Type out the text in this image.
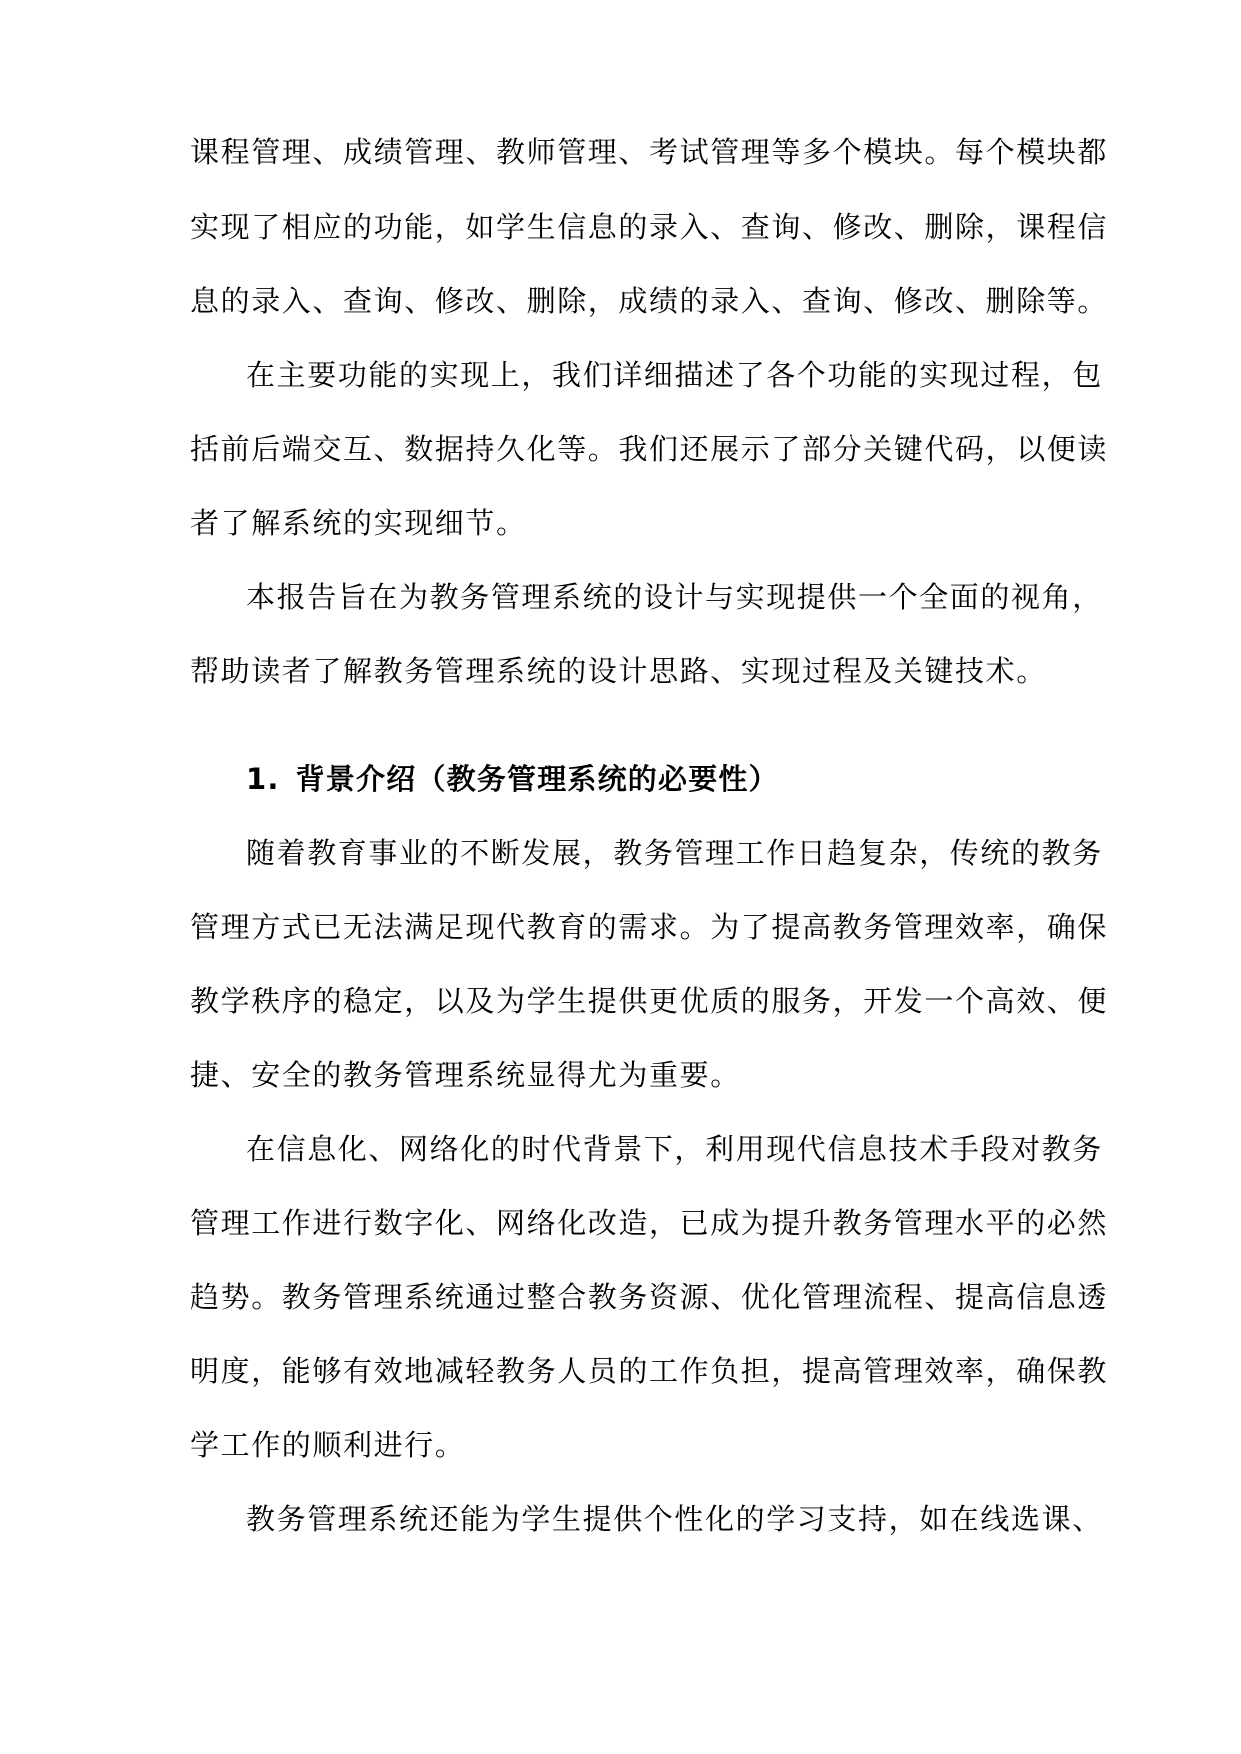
课程管理、成绩管理、教师管理、考试管理等多个模块。每个模块都
实现了相应的功能，如学生信息的录入、查询、修改、删除，课程信
息的录入、查询、修改、删除，成绩的录入、查询、修改、删除等。
在主要功能的实现上，我们详细描述了各个功能的实现过程，包
括前后端交互、数据持久化等。我们还展示了部分关键代码，以便读
者了解系统的实现细节。
本报告旨在为教务管理系统的设计与实现提供一个全面的视角，
帮助读者了解教务管理系统的设计思路、实现过程及关键技术。
1. 背景介绍（教务管理系统的必要性）
随着教育事业的不断发展，教务管理工作日趋复杂，传统的教务
管理方式已无法满足现代教育的需求。为了提高教务管理效率，确保
教学秩序的稳定，以及为学生提供更优质的服务，开发一个高效、便
捷、安全的教务管理系统显得尤为重要。
在信息化、网络化的时代背景下，利用现代信息技术手段对教务
管理工作进行数字化、网络化改造，已成为提升教务管理水平的必然
趋势。教务管理系统通过整合教务资源、优化管理流程、提高信息透
明度，能够有效地减轻教务人员的工作负担，提高管理效率，确保教
学工作的顺利进行。
教务管理系统还能为学生提供个性化的学习支持，如在线选课、
